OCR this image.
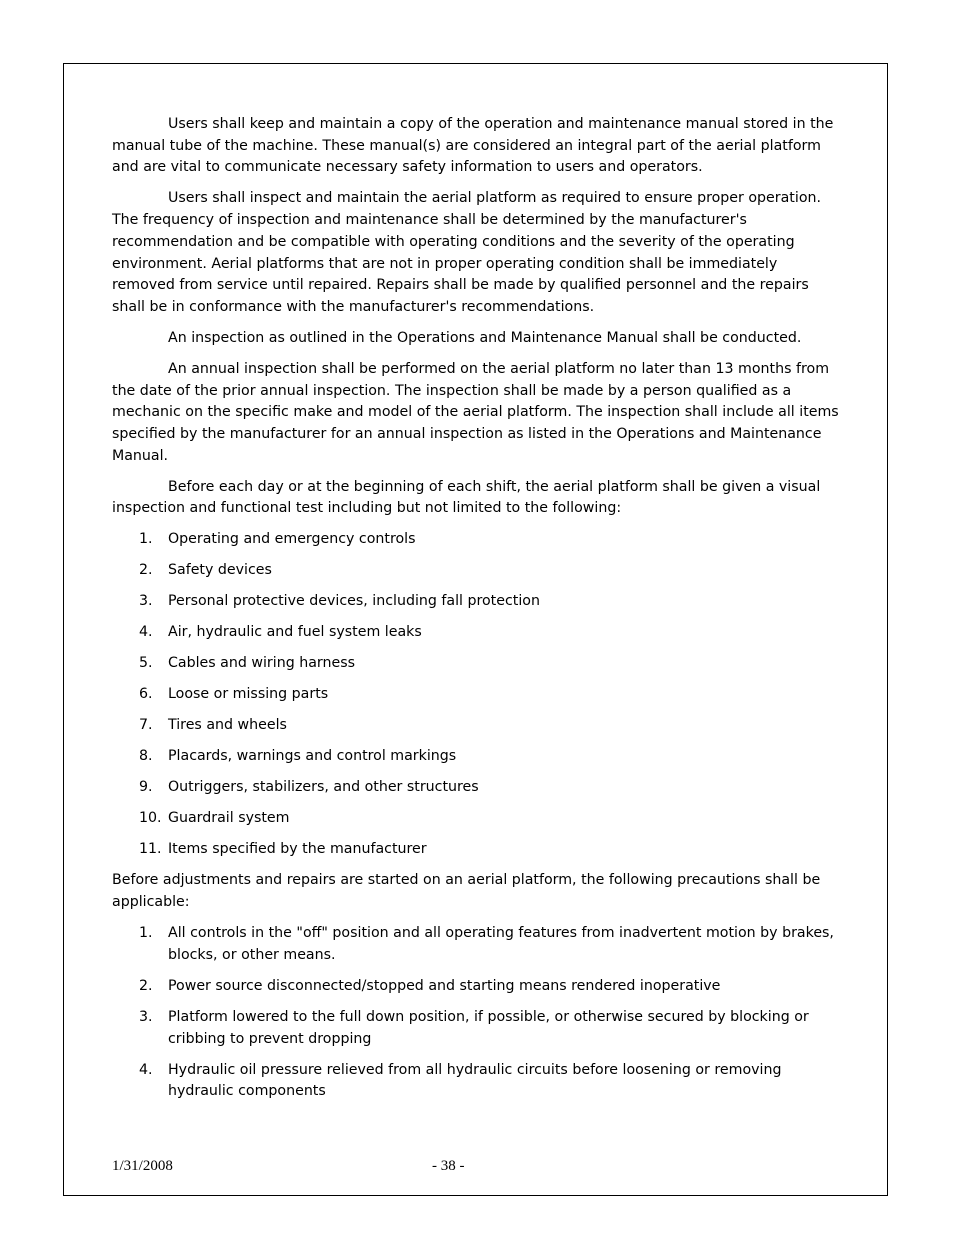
Users shall keep and maintain a copy of the operation and maintenance manual stored in the manual tube of the machine. These manual(s) are considered an integral part of the aerial platform and are vital to communicate necessary safety information to users and operators.

Users shall inspect and maintain the aerial platform as required to ensure proper operation. The frequency of inspection and maintenance shall be determined by the manufacturer's recommendation and be compatible with operating conditions and the severity of the operating environment. Aerial platforms that are not in proper operating condition shall be immediately removed from service until repaired. Repairs shall be made by qualified personnel and the repairs shall be in conformance with the manufacturer's recommendations.

An inspection as outlined in the Operations and Maintenance Manual shall be conducted.

An annual inspection shall be performed on the aerial platform no later than 13 months from the date of the prior annual inspection. The inspection shall be made by a person qualified as a mechanic on the specific make and model of the aerial platform. The inspection shall include all items specified by the manufacturer for an annual inspection as listed in the Operations and Maintenance Manual.

Before each day or at the beginning of each shift, the aerial platform shall be given a visual inspection and functional test including but not limited to the following:

1. Operating and emergency controls
2. Safety devices
3. Personal protective devices, including fall protection
4. Air, hydraulic and fuel system leaks
5. Cables and wiring harness
6. Loose or missing parts
7. Tires and wheels
8. Placards, warnings and control markings
9. Outriggers, stabilizers, and other structures
10. Guardrail system
11. Items specified by the manufacturer

Before adjustments and repairs are started on an aerial platform, the following precautions shall be applicable:

1. All controls in the "off" position and all operating features from inadvertent motion by brakes, blocks, or other means.
2. Power source disconnected/stopped and starting means rendered inoperative
3. Platform lowered to the full down position, if possible, or otherwise secured by blocking or cribbing to prevent dropping
4. Hydraulic oil pressure relieved from all hydraulic circuits before loosening or removing hydraulic components
1/31/2008	- 38 -
